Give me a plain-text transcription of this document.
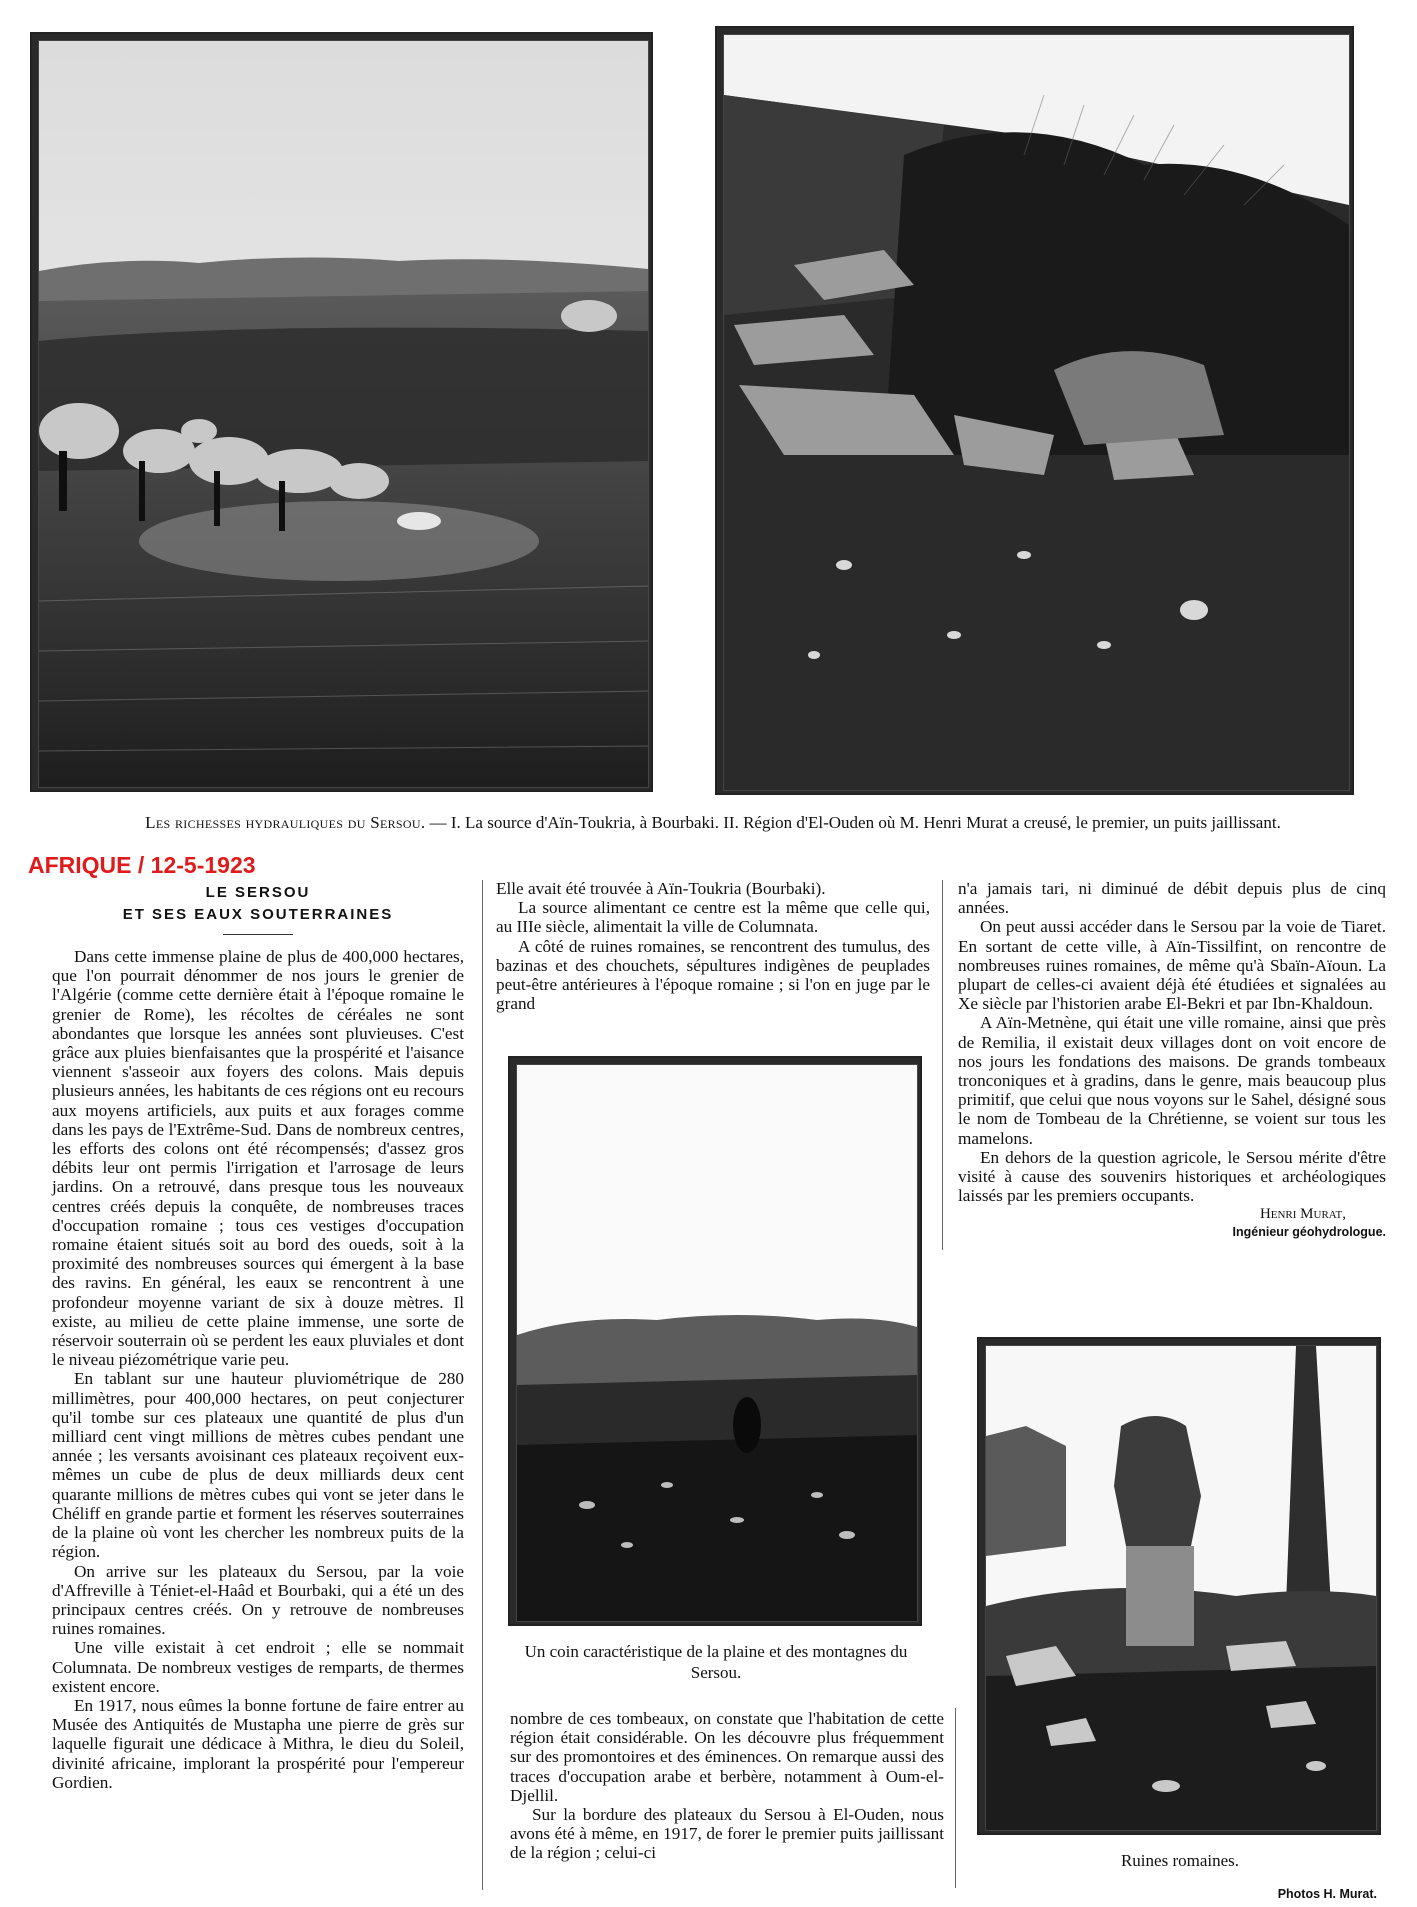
Les richesses hydrauliques du Sersou. — I. La source d'Aïn-Toukria, à Bourbaki. II. Région d'El-Ouden où M. Henri Murat a creusé, le premier, un puits jaillissant.
AFRIQUE / 12-5-1923
LE SERSOU
ET SES EAUX SOUTERRAINES

Dans cette immense plaine de plus de 400,000 hectares, que l'on pourrait dénommer de nos jours le grenier de l'Algérie (comme cette dernière était à l'époque romaine le grenier de Rome), les récoltes de céréales ne sont abondantes que lorsque les années sont pluvieuses. C'est grâce aux pluies bienfaisantes que la prospérité et l'aisance viennent s'asseoir aux foyers des colons. Mais depuis plusieurs années, les habitants de ces régions ont eu recours aux moyens artificiels, aux puits et aux forages comme dans les pays de l'Extrême-Sud. Dans de nombreux centres, les efforts des colons ont été récompensés; d'assez gros débits leur ont permis l'irrigation et l'arrosage de leurs jardins. On a retrouvé, dans presque tous les nouveaux centres créés depuis la conquête, de nombreuses traces d'occupation romaine ; tous ces vestiges d'occupation romaine étaient situés soit au bord des oueds, soit à la proximité des nombreuses sources qui émergent à la base des ravins. En général, les eaux se rencontrent à une profondeur moyenne variant de six à douze mètres. Il existe, au milieu de cette plaine immense, une sorte de réservoir souterrain où se perdent les eaux pluviales et dont le niveau piézométrique varie peu.

En tablant sur une hauteur pluviométrique de 280 millimètres, pour 400,000 hectares, on peut conjecturer qu'il tombe sur ces plateaux une quantité de plus d'un milliard cent vingt millions de mètres cubes pendant une année ; les versants avoisinant ces plateaux reçoivent eux-mêmes un cube de plus de deux milliards deux cent quarante millions de mètres cubes qui vont se jeter dans le Chéliff en grande partie et forment les réserves souterraines de la plaine où vont les chercher les nombreux puits de la région.

On arrive sur les plateaux du Sersou, par la voie d'Affreville à Téniet-el-Haâd et Bourbaki, qui a été un des principaux centres créés. On y retrouve de nombreuses ruines romaines.

Une ville existait à cet endroit ; elle se nommait Columnata. De nombreux vestiges de remparts, de thermes existent encore.

En 1917, nous eûmes la bonne fortune de faire entrer au Musée des Antiquités de Mustapha une pierre de grès sur laquelle figurait une dédicace à Mithra, le dieu du Soleil, divinité africaine, implorant la prospérité pour l'empereur Gordien.

Elle avait été trouvée à Aïn-Toukria (Bourbaki).

La source alimentant ce centre est la même que celle qui, au IIIe siècle, alimentait la ville de Columnata.

A côté de ruines romaines, se rencontrent des tumulus, des bazinas et des chouchets, sépultures indigènes de peuplades peut-être antérieures à l'époque romaine ; si l'on en juge par le grand

Un coin caractéristique de la plaine et des montagnes du Sersou.

nombre de ces tombeaux, on constate que l'habitation de cette région était considérable. On les découvre plus fréquemment sur des promontoires et des éminences. On remarque aussi des traces d'occupation arabe et berbère, notamment à Oum-el-Djellil.

Sur la bordure des plateaux du Sersou à El-Ouden, nous avons été à même, en 1917, de forer le premier puits jaillissant de la région ; celui-ci

n'a jamais tari, ni diminué de débit depuis plus de cinq années.

On peut aussi accéder dans le Sersou par la voie de Tiaret. En sortant de cette ville, à Aïn-Tissilfint, on rencontre de nombreuses ruines romaines, de même qu'à Sbaïn-Aïoun. La plupart de celles-ci avaient déjà été étudiées et signalées au Xe siècle par l'historien arabe El-Bekri et par Ibn-Khaldoun.

A Aïn-Metnène, qui était une ville romaine, ainsi que près de Remilia, il existait deux villages dont on voit encore de nos jours les fondations des maisons. De grands tombeaux tronconiques et à gradins, dans le genre, mais beaucoup plus primitif, que celui que nous voyons sur le Sahel, désigné sous le nom de Tombeau de la Chrétienne, se voient sur tous les mamelons.

En dehors de la question agricole, le Sersou mérite d'être visité à cause des souvenirs historiques et archéologiques laissés par les premiers occupants.

Henri Murat,
Ingénieur géohydrologue.
Ruines romaines.
Photos H. Murat.
